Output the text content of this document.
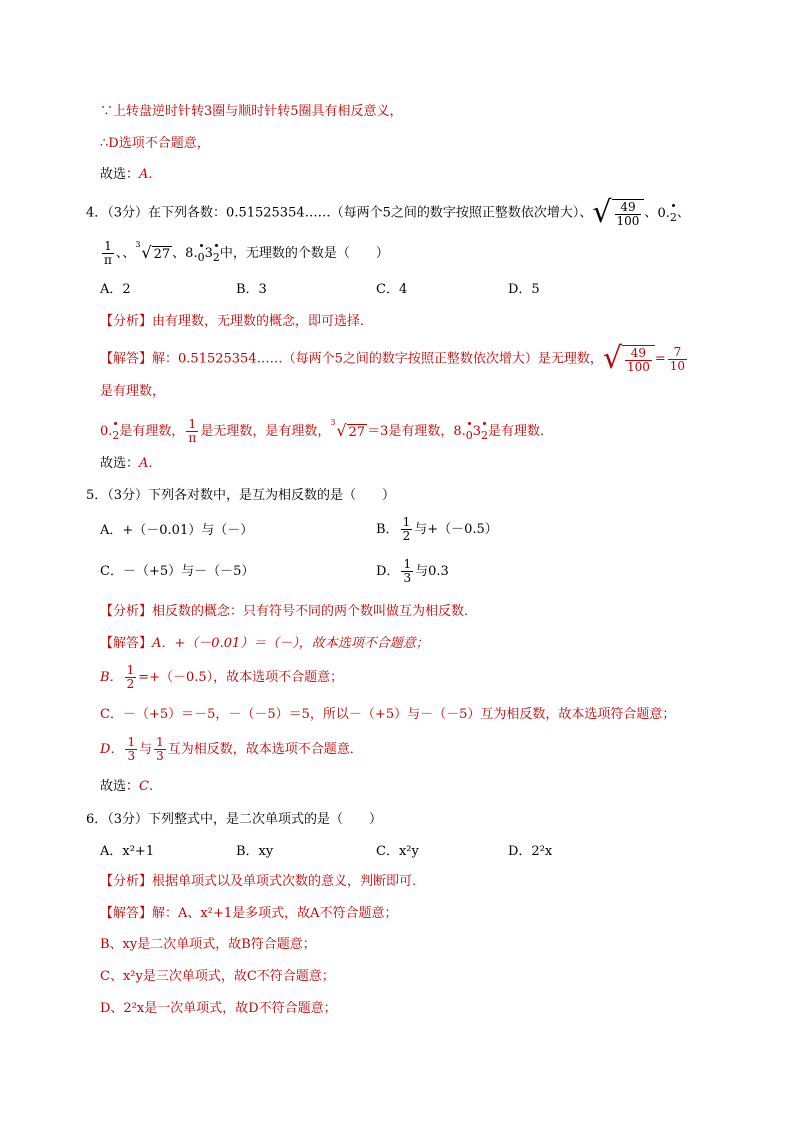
∵上转盘逆时针转3圈与顺时针转5圈具有相反意义，
∴D选项不合题意，
故选：A.
4．（3分）在下列各数：0.51525354……（每两个5之间的数字按照正整数依次增大）、 √ $\frac{49}{100}$ 、0.2、
$\frac{1}{\pi}$ 、、
3 √ 27 、8.032中，无理数的个数是（　　）
A．2	B．3	C．4	D．5
【分析】由有理数，无理数的概念，即可选择．
【解答】解：0.51525354……（每两个5之间的数字按照正整数依次增大）是无理数， √ $\frac{49}{100} = \frac{7}{10}$
是有理数，
0.2是有理数， $\frac{1}{\pi}$ 是无理数，是有理数，
3 √ 27 ＝3是有理数，8.032是有理数．
故选：A.
5．（3分）下列各对数中，是互为相反数的是（　　）
A．+（－0.01）与（－）	B． $\frac{1}{2}$ 与+（－0.5）
C．－（+5）与－（－5）	D． $\frac{1}{3}$ 与0.3
【分析】相反数的概念：只有符号不同的两个数叫做互为相反数．
【解答】A．+（－0.01）＝（－），故本选项不合题意；
B． $\frac{1}{2} =+(-0.5)$，故本选项不合题意；
C．－（+5）＝－5，－（－5）＝5，所以－（+5）与－（－5）互为相反数，故本选项符合题意；
D． $\frac{1}{3}$ 与 $\frac{1}{3}$ 互为相反数，故本选项不合题意．
故选：C.
6．（3分）下列整式中，是二次单项式的是（　　）
A．x²+1	B．xy	C．x²y	D．2²x
【分析】根据单项式以及单项式次数的意义，判断即可．
【解答】解：A、x²+1是多项式，故A不符合题意；
B、xy是二次单项式，故B符合题意；
C、x²y是三次单项式，故C不符合题意；
D、2²x是一次单项式，故D不符合题意；
